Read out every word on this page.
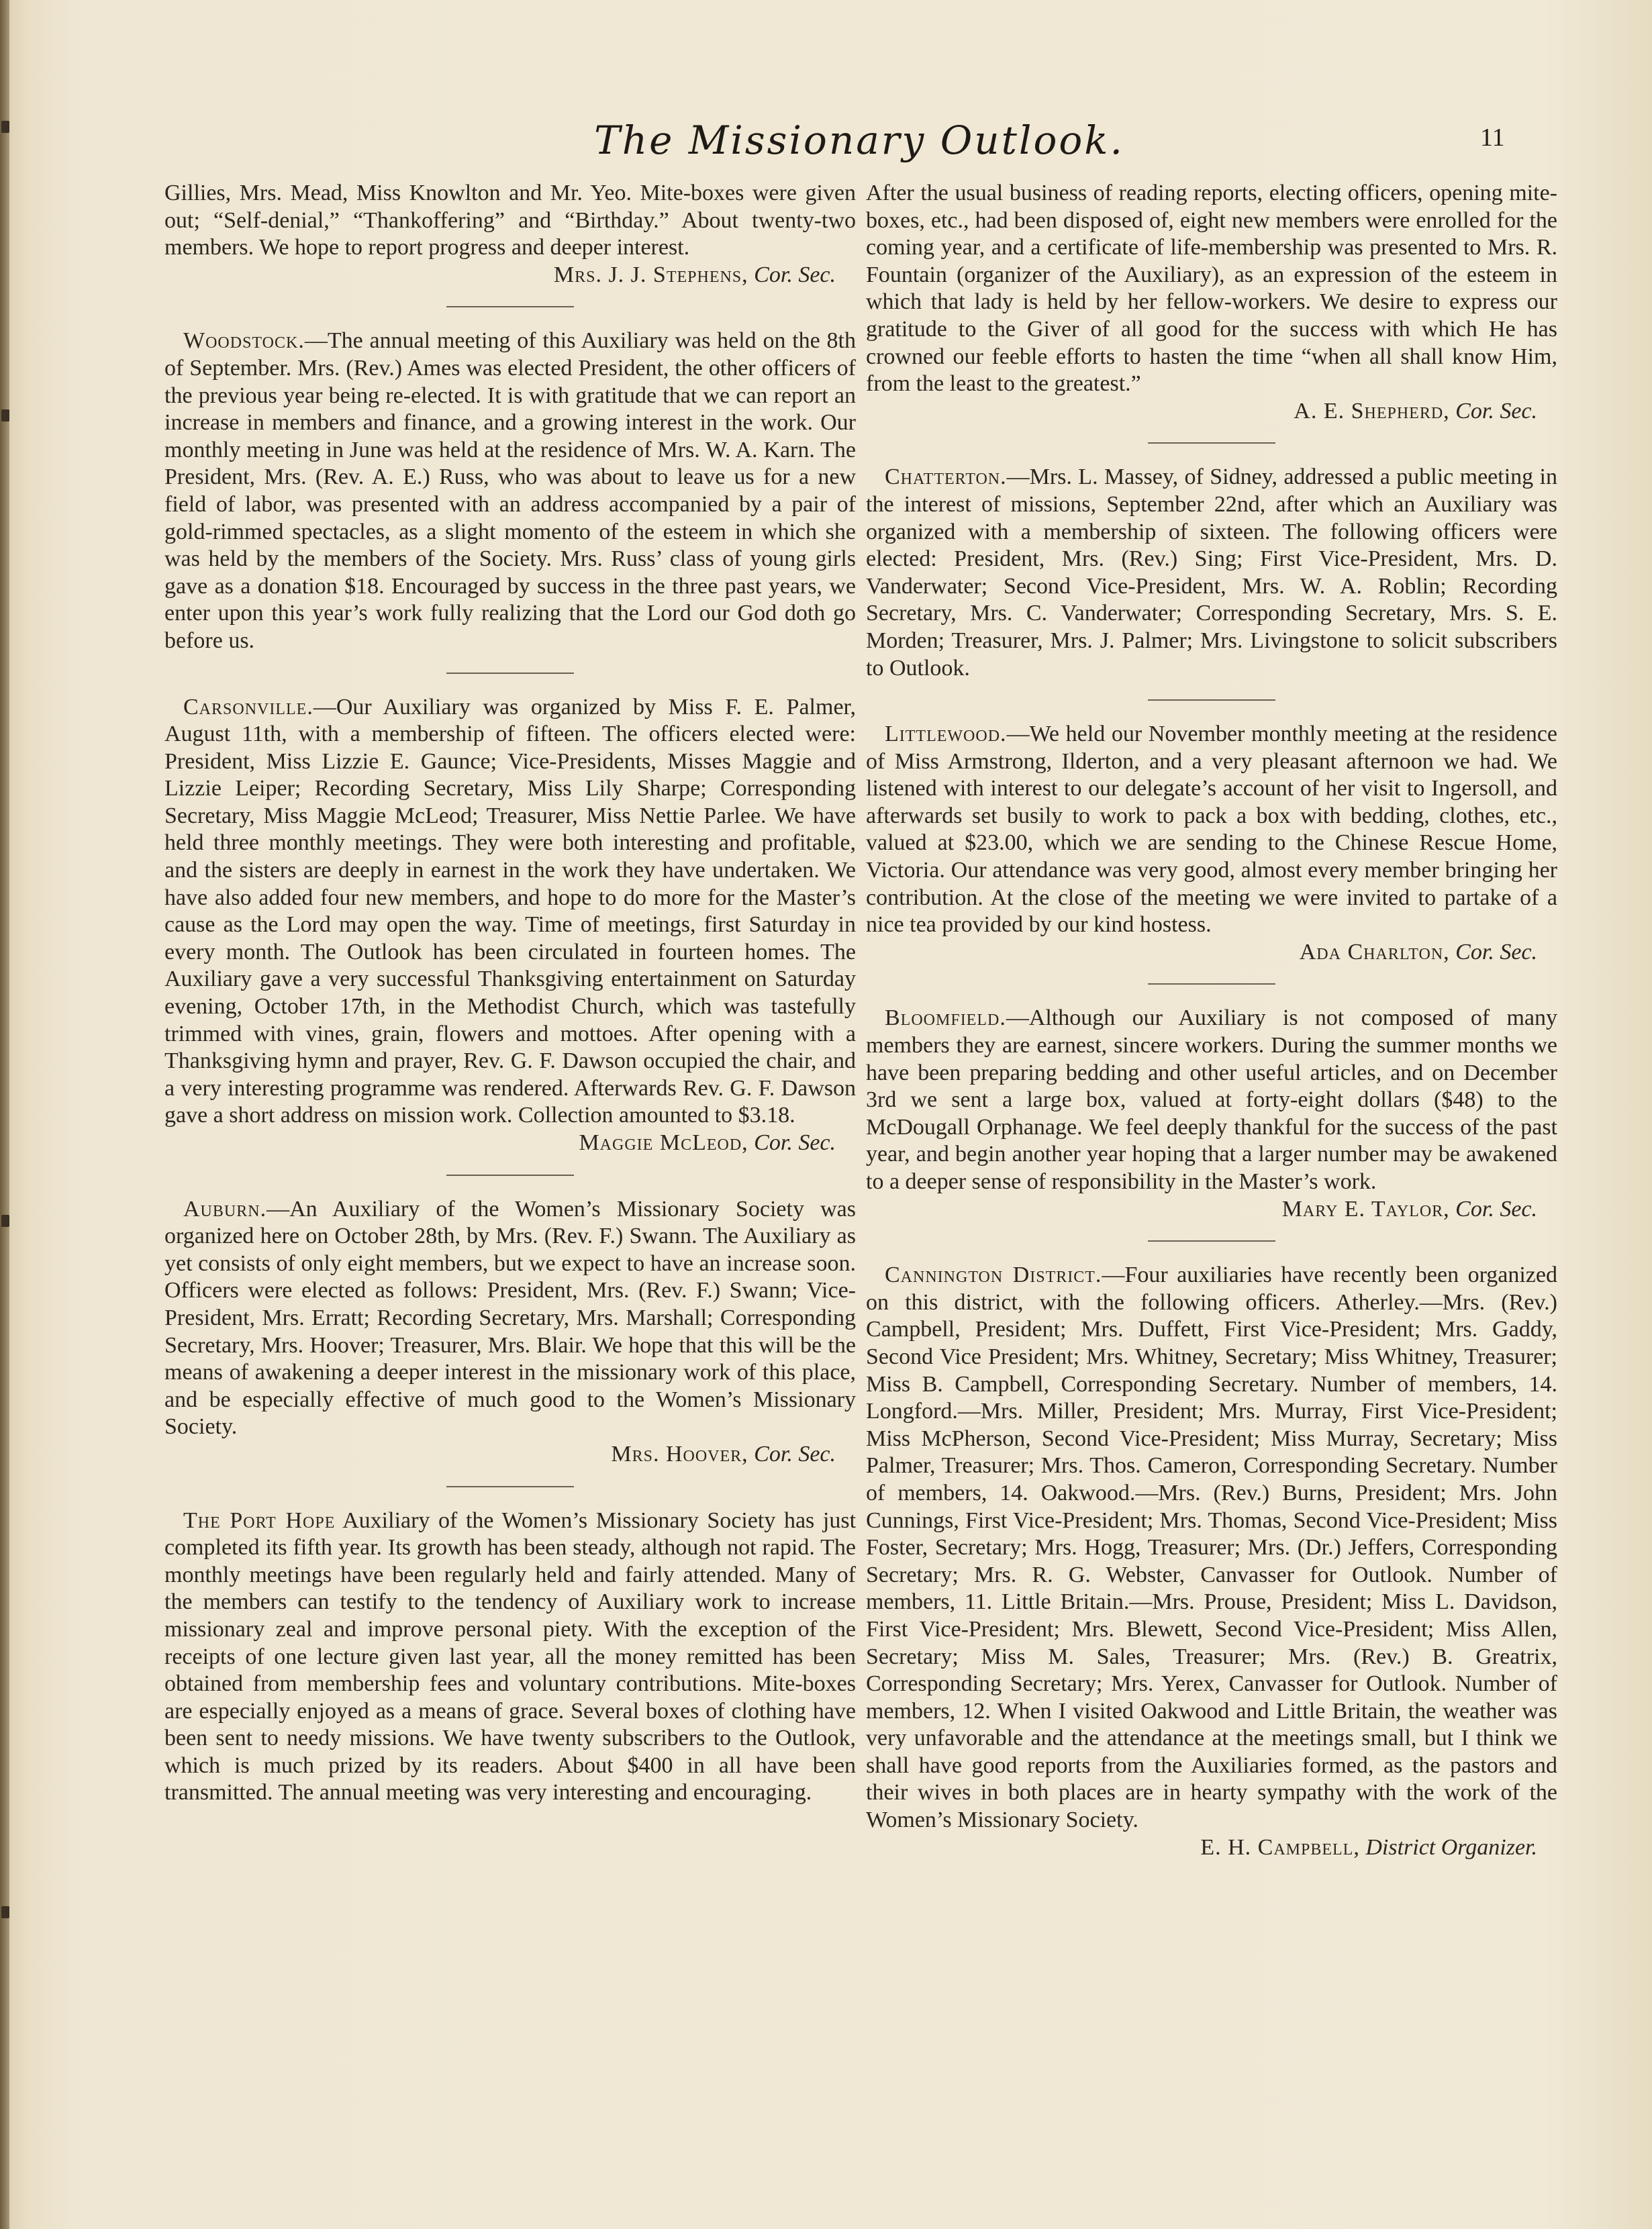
The Missionary Outlook.	11

Gillies, Mrs. Mead, Miss Knowlton and Mr. Yeo. Mite-boxes were given out; “Self-denial,” “Thankoffering” and “Birthday.” About twenty-two members. We hope to report progress and deeper interest.

Mrs. J. J. Stephens, Cor. Sec.

Woodstock.—The annual meeting of this Auxiliary was held on the 8th of September. Mrs. (Rev.) Ames was elected President, the other officers of the previous year being re-elected. It is with gratitude that we can report an increase in members and finance, and a growing interest in the work. Our monthly meeting in June was held at the residence of Mrs. W. A. Karn. The President, Mrs. (Rev. A. E.) Russ, who was about to leave us for a new field of labor, was presented with an address accompanied by a pair of gold-rimmed spectacles, as a slight momento of the esteem in which she was held by the members of the Society. Mrs. Russ’ class of young girls gave as a donation $18. Encouraged by success in the three past years, we enter upon this year’s work fully realizing that the Lord our God doth go before us.

Carsonville.—Our Auxiliary was organized by Miss F. E. Palmer, August 11th, with a membership of fifteen. The officers elected were: President, Miss Lizzie E. Gaunce; Vice-Presidents, Misses Maggie and Lizzie Leiper; Recording Secretary, Miss Lily Sharpe; Corresponding Secretary, Miss Maggie McLeod; Treasurer, Miss Nettie Parlee. We have held three monthly meetings. They were both interesting and profitable, and the sisters are deeply in earnest in the work they have undertaken. We have also added four new members, and hope to do more for the Master’s cause as the Lord may open the way. Time of meetings, first Saturday in every month. The Outlook has been circulated in fourteen homes. The Auxiliary gave a very successful Thanksgiving entertainment on Saturday evening, October 17th, in the Methodist Church, which was tastefully trimmed with vines, grain, flowers and mottoes. After opening with a Thanksgiving hymn and prayer, Rev. G. F. Dawson occupied the chair, and a very interesting programme was rendered. Afterwards Rev. G. F. Dawson gave a short address on mission work. Collection amounted to $3.18.

Maggie McLeod, Cor. Sec.

Auburn.—An Auxiliary of the Women’s Missionary Society was organized here on October 28th, by Mrs. (Rev. F.) Swann. The Auxiliary as yet consists of only eight members, but we expect to have an increase soon. Officers were elected as follows: President, Mrs. (Rev. F.) Swann; Vice-President, Mrs. Erratt; Recording Secretary, Mrs. Marshall; Corresponding Secretary, Mrs. Hoover; Treasurer, Mrs. Blair. We hope that this will be the means of awakening a deeper interest in the missionary work of this place, and be especially effective of much good to the Women’s Missionary Society.

Mrs. Hoover, Cor. Sec.

The Port Hope Auxiliary of the Women’s Missionary Society has just completed its fifth year. Its growth has been steady, although not rapid. The monthly meetings have been regularly held and fairly attended. Many of the members can testify to the tendency of Auxiliary work to increase missionary zeal and improve personal piety. With the exception of the receipts of one lecture given last year, all the money remitted has been obtained from membership fees and voluntary contributions. Mite-boxes are especially enjoyed as a means of grace. Several boxes of clothing have been sent to needy missions. We have twenty subscribers to the Outlook, which is much prized by its readers. About $400 in all have been transmitted. The annual meeting was very interesting and encouraging.

After the usual business of reading reports, electing officers, opening mite-boxes, etc., had been disposed of, eight new members were enrolled for the coming year, and a certificate of life-membership was presented to Mrs. R. Fountain (organizer of the Auxiliary), as an expression of the esteem in which that lady is held by her fellow-workers. We desire to express our gratitude to the Giver of all good for the success with which He has crowned our feeble efforts to hasten the time “when all shall know Him, from the least to the greatest.”

A. E. Shepherd, Cor. Sec.

Chatterton.—Mrs. L. Massey, of Sidney, addressed a public meeting in the interest of missions, September 22nd, after which an Auxiliary was organized with a membership of sixteen. The following officers were elected: President, Mrs. (Rev.) Sing; First Vice-President, Mrs. D. Vanderwater; Second Vice-President, Mrs. W. A. Roblin; Recording Secretary, Mrs. C. Vanderwater; Corresponding Secretary, Mrs. S. E. Morden; Treasurer, Mrs. J. Palmer; Mrs. Livingstone to solicit subscribers to Outlook.

Littlewood.—We held our November monthly meeting at the residence of Miss Armstrong, Ilderton, and a very pleasant afternoon we had. We listened with interest to our delegate’s account of her visit to Ingersoll, and afterwards set busily to work to pack a box with bedding, clothes, etc., valued at $23.00, which we are sending to the Chinese Rescue Home, Victoria. Our attendance was very good, almost every member bringing her contribution. At the close of the meeting we were invited to partake of a nice tea provided by our kind hostess.

Ada Charlton, Cor. Sec.

Bloomfield.—Although our Auxiliary is not composed of many members they are earnest, sincere workers. During the summer months we have been preparing bedding and other useful articles, and on December 3rd we sent a large box, valued at forty-eight dollars ($48) to the McDougall Orphanage. We feel deeply thankful for the success of the past year, and begin another year hoping that a larger number may be awakened to a deeper sense of responsibility in the Master’s work.

Mary E. Taylor, Cor. Sec.

Cannington District.—Four auxiliaries have recently been organized on this district, with the following officers. Atherley.—Mrs. (Rev.) Campbell, President; Mrs. Duffett, First Vice-President; Mrs. Gaddy, Second Vice President; Mrs. Whitney, Secretary; Miss Whitney, Treasurer; Miss B. Campbell, Corresponding Secretary. Number of members, 14. Longford.—Mrs. Miller, President; Mrs. Murray, First Vice-President; Miss McPherson, Second Vice-President; Miss Murray, Secretary; Miss Palmer, Treasurer; Mrs. Thos. Cameron, Corresponding Secretary. Number of members, 14. Oakwood.—Mrs. (Rev.) Burns, President; Mrs. John Cunnings, First Vice-President; Mrs. Thomas, Second Vice-President; Miss Foster, Secretary; Mrs. Hogg, Treasurer; Mrs. (Dr.) Jeffers, Corresponding Secretary; Mrs. R. G. Webster, Canvasser for Outlook. Number of members, 11. Little Britain.—Mrs. Prouse, President; Miss L. Davidson, First Vice-President; Mrs. Blewett, Second Vice-President; Miss Allen, Secretary; Miss M. Sales, Treasurer; Mrs. (Rev.) B. Greatrix, Corresponding Secretary; Mrs. Yerex, Canvasser for Outlook. Number of members, 12. When I visited Oakwood and Little Britain, the weather was very unfavorable and the attendance at the meetings small, but I think we shall have good reports from the Auxiliaries formed, as the pastors and their wives in both places are in hearty sympathy with the work of the Women’s Missionary Society.

E. H. Campbell, District Organizer.
